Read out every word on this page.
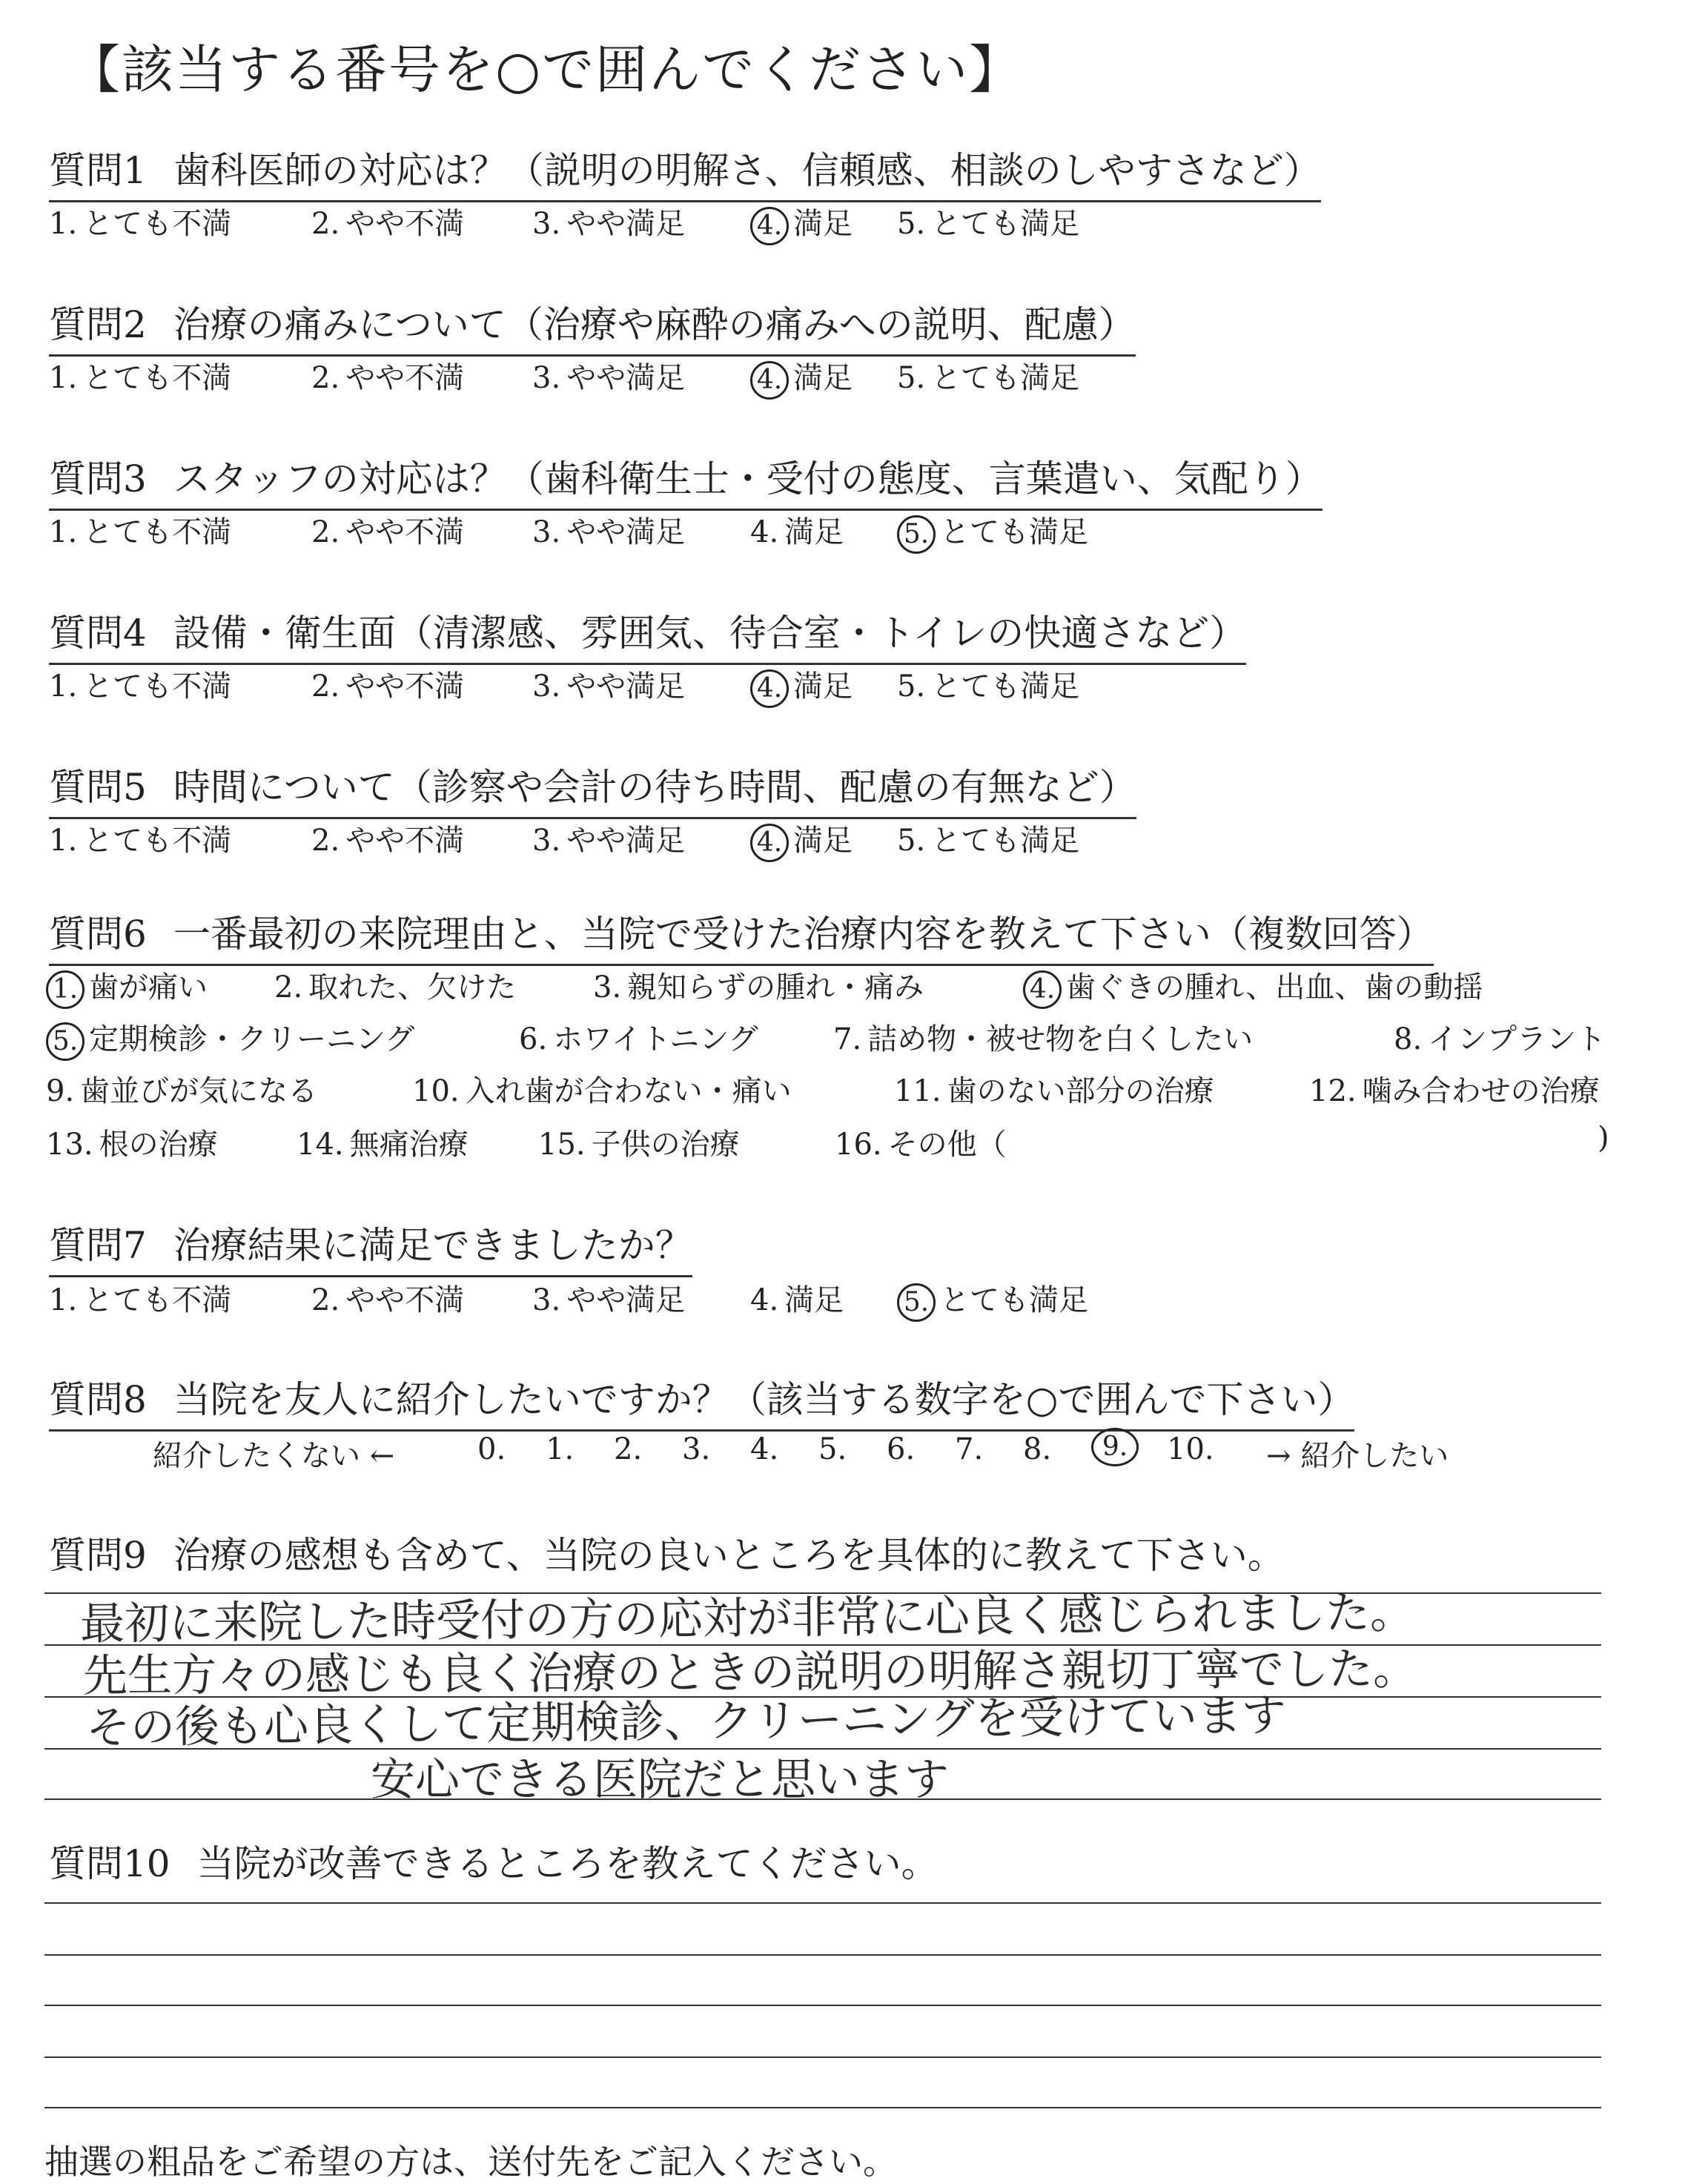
【該当する番号を○で囲んでください】
質問1 歯科医師の対応は？（説明の明解さ、信頼感、相談のしやすさなど）
1. とても不満	2. やや不満 3. やや満足	4. 満足 5. とても満足
質問2 治療の痛みについて（治療や麻酔の痛みへの説明、配慮）
1. とても不満	2. やや不満 3. やや満足	4. 満足 5. とても満足
質問3 スタッフの対応は？（歯科衛生士・受付の態度、言葉遣い、気配り）
1. とても不満	2. やや不満 3. やや満足 4. 満足 5. とても満足
質問4 設備・衛生面（清潔感、雰囲気、待合室・トイレの快適さなど）
1. とても不満	2. やや不満 3. やや満足	4. 満足 5. とても満足
質問5 時間について（診察や会計の待ち時間、配慮の有無など）
1. とても不満	2. やや不満 3. やや満足	4. 満足 5. とても満足
質問6 一番最初の来院理由と、当院で受けた治療内容を教えて下さい（複数回答）
1. 歯が痛い 2. 取れた、欠けた	3. 親知らずの腫れ・痛み	4. 歯ぐきの腫れ、出血、歯の動揺
5. 定期検診・クリーニング	6. ホワイトニング	7. 詰め物・被せ物を白くしたい	8. インプラント
9. 歯並びが気になる	10. 入れ歯が合わない・痛い	11. 歯のない部分の治療	12. 噛み合わせの治療
13. 根の治療	14. 無痛治療 15. 子供の治療	16. その他（	)
質問7 治療結果に満足できましたか？
1. とても不満	2. やや不満 3. やや満足 4. 満足 5. とても満足
質問8 当院を友人に紹介したいですか？（該当する数字を○で囲んで下さい）
紹介したくない ←	0. 1. 2. 3. 4. 5. 6. 7. 8.	9.	10. → 紹介したい
質問9 治療の感想も含めて、当院の良いところを具体的に教えて下さい。
最初に来院した時受付の方の応対が非常に心良く感じられました。
先生方々の感じも良く治療のときの説明の明解さ親切丁寧でした。
その後も心良くして定期検診、クリーニングを受けています
安心できる医院だと思います
質問10 当院が改善できるところを教えてください。
抽選の粗品をご希望の方は、送付先をご記入ください。
